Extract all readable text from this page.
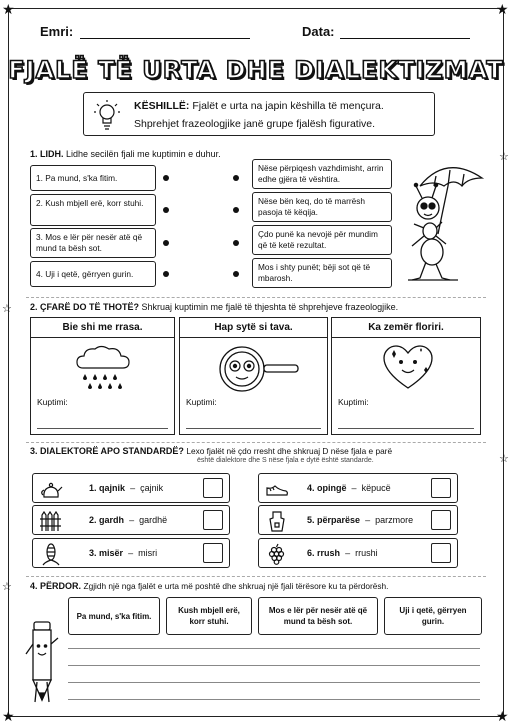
★	★
★	★
☆
☆
☆
☆
Emri:	Data:
FJALË TË URTA DHE DIALEKTIZMAT
KËSHILLË: Fjalët e urta na japin këshilla të mençura.
Shprehjet frazeologjike janë grupe fjalësh figurative.
1. LIDH. Lidhe secilën fjali me kuptimin e duhur.
1. Pa mund, s'ka fitim.
2. Kush mbjell erë, korr stuhi.
3. Mos e lër për nesër atë që mund ta bësh sot.
4. Uji i qetë, gërryen gurin.
Nëse përpiqesh vazhdimisht, arrin edhe gjëra të vështira.
Nëse bën keq, do të marrësh pasoja të këqija.
Çdo punë ka nevojë për mundim që të ketë rezultat.
Mos i shty punët; bëji sot që të mbarosh.
2. ÇFARË DO TË THOTË? Shkruaj kuptimin me fjalë të thjeshta të shprehjeve frazeologjike.
Bie shi me rrasa.
Kuptimi:
Hap sytë si tava.
Kuptimi:
Ka zemër floriri.
Kuptimi:
3. DIALEKTORË APO STANDARDË? Lexo fjalët në çdo rresht dhe shkruaj D nëse fjala e parë
është dialektore dhe S nëse fjala e dytë është standarde.
1. qajnik – çajnik
2. gardh – gardhë
3. misër – misri
4. opingë – këpucë
5. përparëse – parzmore
6. rrush – rrushi
4. PËRDOR. Zgjidh një nga fjalët e urta më poshtë dhe shkruaj një fjali tërësore ku ta përdorësh.
Pa mund, s'ka fitim.
Kush mbjell erë, korr stuhi.
Mos e lër për nesër atë që mund ta bësh sot.
Uji i qetë, gërryen gurin.
